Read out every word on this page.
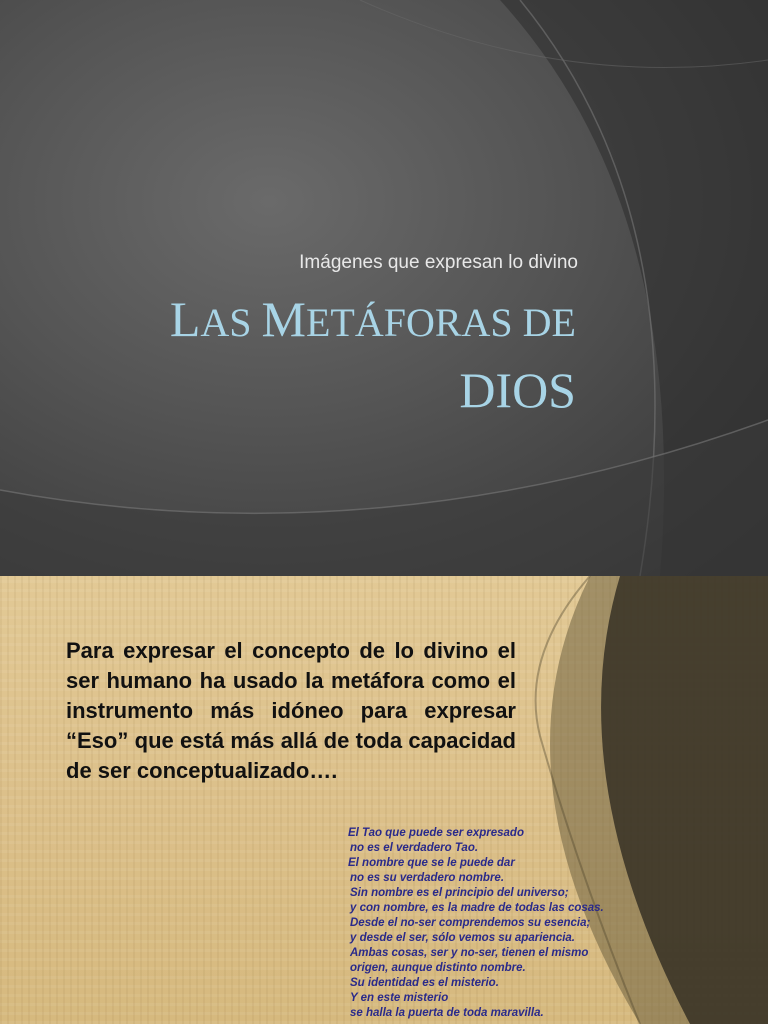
Imágenes que expresan lo divino
LAS METÁFORAS DE
DIOS
Para expresar el concepto de lo divino el ser humano ha usado la metáfora como el instrumento más idóneo para expresar “Eso” que está más allá de toda capacidad de ser conceptualizado….
El Tao que puede ser expresado
no es el verdadero Tao.
El nombre que se le puede dar
no es su verdadero nombre.
Sin nombre es el principio del universo;
y con nombre, es la madre de todas las cosas.
Desde el no-ser comprendemos su esencia;
y desde el ser, sólo vemos su apariencia.
Ambas cosas, ser y no-ser, tienen el mismo
origen, aunque distinto nombre.
Su identidad es el misterio.
Y en este misterio
se halla la puerta de toda maravilla.
